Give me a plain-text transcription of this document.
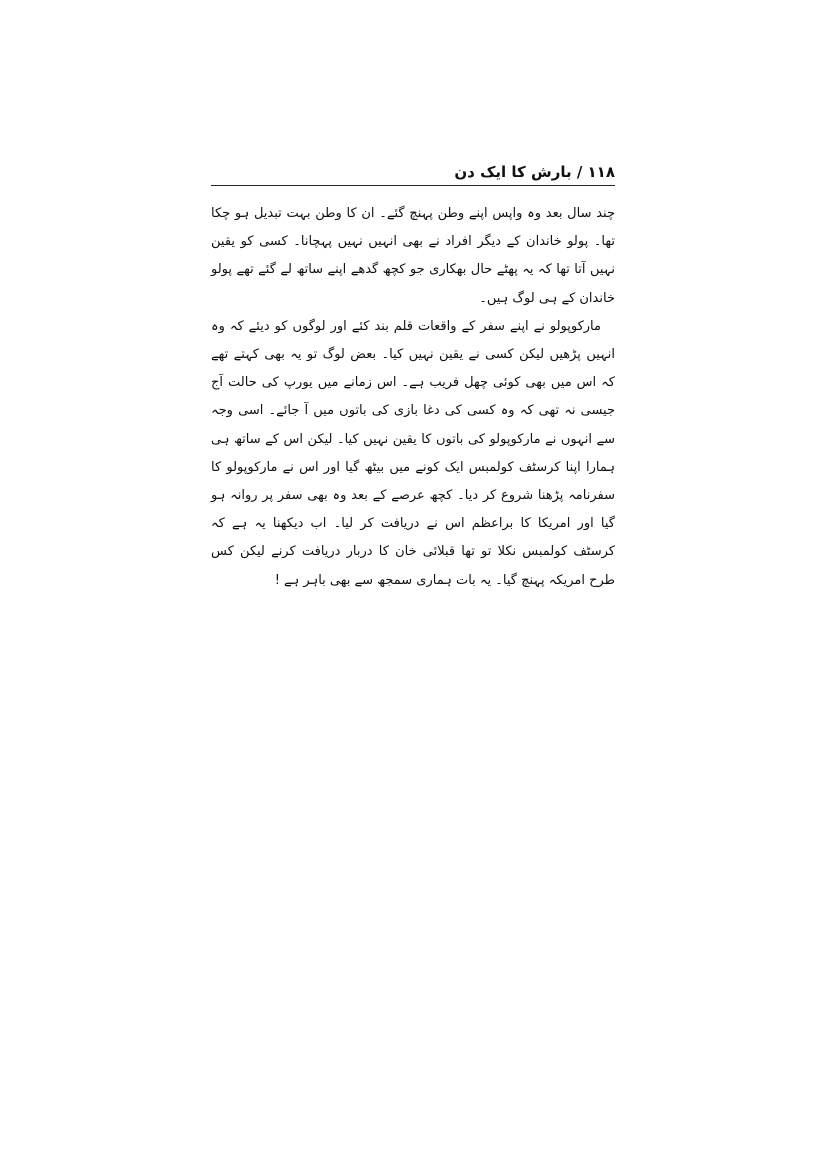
۱۱۸ / بارش کا ایک دن

چند سال بعد وہ واپس اپنے وطن پہنچ گئے۔ ان کا وطن بہت تبدیل ہو چکا تھا۔ پولو خاندان کے دیگر افراد نے بھی انہیں نہیں پہچانا۔ کسی کو یقین نہیں آتا تھا کہ یہ پھٹے حال بھکاری جو کچھ گدھے اپنے ساتھ لے گئے تھے پولو خاندان کے ہی لوگ ہیں۔

مارکوپولو نے اپنے سفر کے واقعات قلم بند کئے اور لوگوں کو دیئے کہ وہ انہیں پڑھیں لیکن کسی نے یقین نہیں کیا۔ بعض لوگ تو یہ بھی کہتے تھے کہ اس میں بھی کوئی چھل فریب ہے۔ اس زمانے میں یورپ کی حالت آج جیسی نہ تھی کہ وہ کسی کی دغا بازی کی باتوں میں آ جائے۔ اسی وجہ سے انہوں نے مارکوپولو کی باتوں کا یقین نہیں کیا۔ لیکن اس کے ساتھ ہی ہمارا اپنا کرسٹف کولمبس ایک کونے میں بیٹھ گیا اور اس نے مارکوپولو کا سفرنامہ پڑھنا شروع کر دیا۔ کچھ عرصے کے بعد وہ بھی سفر پر روانہ ہو گیا اور امریکا کا براعظم اس نے دریافت کر لیا۔ اب دیکھنا یہ ہے کہ کرسٹف کولمبس نکلا تو تھا قبلائی خان کا دربار دریافت کرنے لیکن کس طرح امریکہ پہنچ گیا۔ یہ بات ہماری سمجھ سے بھی باہر ہے !
